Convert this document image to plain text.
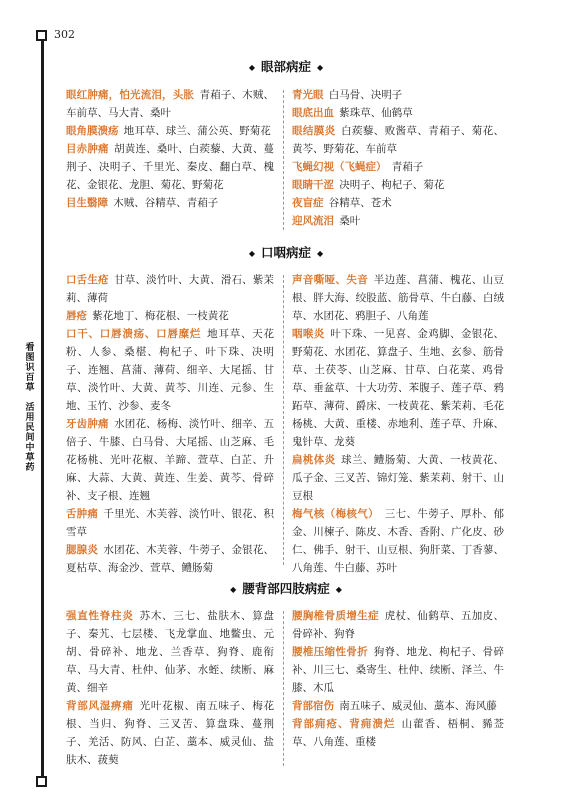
302
看
图
识
百
草
活
用
民
间
中
草
药
◆ 眼部病症 ◆

眼红肿痛，怕光流泪，头胀 青葙子、木贼、车前草、马大青、桑叶

眼角膜溃疡 地耳草、球兰、蒲公英、野菊花

目赤肿痛 胡黄连、桑叶、白蒺藜、大黄、蔓荆子、决明子、千里光、秦皮、翻白草、槐花、金银花、龙胆、菊花、野菊花

目生翳障 木贼、谷精草、青葙子

青光眼 白马骨、决明子

眼底出血 紫珠草、仙鹤草

眼结膜炎 白蒺藜、败酱草、青葙子、菊花、黄芩、野菊花、车前草

飞蝇幻视（飞蝇症） 青葙子

眼睛干涩 决明子、枸杞子、菊花

夜盲症 谷精草、苍术

迎风流泪 桑叶

◆ 口咽病症 ◆

口舌生疮 甘草、淡竹叶、大黄、滑石、紫茉莉、薄荷

唇疮 紫花地丁、梅花根、一枝黄花

口干、口唇溃疡、口唇糜烂 地耳草、天花粉、人参、桑椹、枸杞子、叶下珠、决明子、连翘、菖蒲、薄荷、细辛、大尾摇、甘草、淡竹叶、大黄、黄芩、川连、元参、生地、玉竹、沙参、麦冬

牙齿肿痛 水团花、杨梅、淡竹叶、细辛、五倍子、牛膝、白马骨、大尾摇、山芝麻、毛花杨桃、光叶花椒、羊蹄、萱草、白芷、升麻、大蒜、大黄、黄连、生姜、黄芩、骨碎补、支子根、连翘

舌肿痛 千里光、木芙蓉、淡竹叶、银花、积雪草

腮腺炎 水团花、木芙蓉、牛蒡子、金银花、夏枯草、海金沙、萱草、鳢肠菊

声音嘶哑、失音 半边莲、菖蒲、槐花、山豆根、胖大海、绞股蓝、筋骨草、牛白藤、白绒草、水团花、鸦胆子、八角莲

咽喉炎 叶下珠、一见喜、金鸡脚、金银花、野菊花、水团花、算盘子、生地、玄参、筋骨草、土茯苓、山芝麻、甘草、白花菜、鸡骨草、垂盆草、十大功劳、苯腹子、莲子草、鸦跖草、薄荷、爵床、一枝黄花、紫茉莉、毛花杨桃、大黄、重楼、赤地利、莲子草、升麻、鬼针草、龙葵

扁桃体炎 球兰、鳢肠菊、大黄、一枝黄花、瓜子金、三叉苦、锦灯笼、紫茉莉、射干、山豆根

梅气核（梅核气） 三七、牛蒡子、厚朴、郁金、川楝子、陈皮、木香、香附、广化皮、砂仁、佛手、射干、山豆根、狗肝菜、丁香蓼、八角莲、牛白藤、苏叶

◆ 腰背部四肢病症 ◆

强直性脊柱炎 苏木、三七、盐肤木、算盘子、秦艽、七层楼、飞龙掌血、地鳖虫、元胡、骨碎补、地龙、兰香草、狗脊、鹿衔草、马大青、杜仲、仙茅、水蛭、续断、麻黄、细辛

背部风湿痹痛 光叶花椒、南五味子、梅花根、当归、狗脊、三叉苦、算盘珠、蔓荆子、羌活、防风、白芷、藁本、威灵仙、盐肤木、菝葜

腰胸椎骨质增生症 虎杖、仙鹤草、五加皮、骨碎补、狗脊

腰椎压缩性骨折 狗脊、地龙、枸杞子、骨碎补、川三七、桑寄生、杜仲、续断、泽兰、牛膝、木瓜

背部宿伤 南五味子、威灵仙、藁本、海风藤

背部痈疮、背痈溃烂 山藿香、梧桐、豨莶草、八角莲、重楼
